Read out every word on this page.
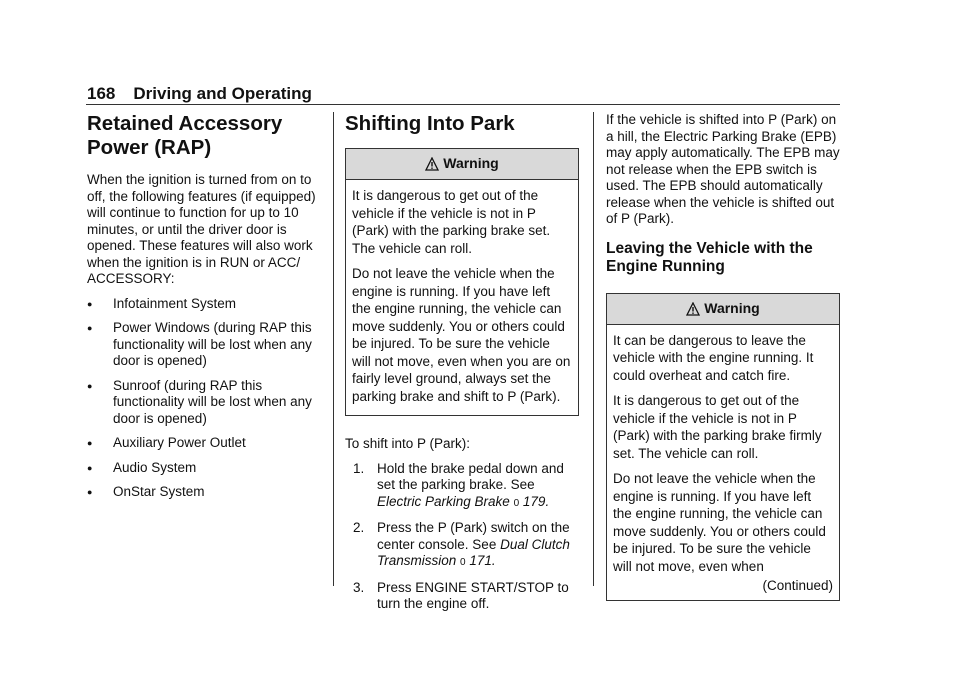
168 Driving and Operating
Retained Accessory Power (RAP)

When the ignition is turned from on to off, the following features (if equipped) will continue to function for up to 10 minutes, or until the driver door is opened. These features will also work when the ignition is in RUN or ACC/ ACCESSORY:

● Infotainment System
● Power Windows (during RAP this functionality will be lost when any door is opened)
● Sunroof (during RAP this functionality will be lost when any door is opened)
● Auxiliary Power Outlet
● Audio System
● OnStar System
Shifting Into Park
Warning

It is dangerous to get out of the vehicle if the vehicle is not in P (Park) with the parking brake set. The vehicle can roll.

Do not leave the vehicle when the engine is running. If you have left the engine running, the vehicle can move suddenly. You or others could be injured. To be sure the vehicle will not move, even when you are on fairly level ground, always set the parking brake and shift to P (Park).

To shift into P (Park):

1. Hold the brake pedal down and set the parking brake. See Electric Parking Brake 0 179.
2. Press the P (Park) switch on the center console. See Dual Clutch Transmission 0 171.
3. Press ENGINE START/STOP to turn the engine off.

If the vehicle is shifted into P (Park) on a hill, the Electric Parking Brake (EPB) may apply automatically. The EPB may not release when the EPB switch is used. The EPB should automatically release when the vehicle is shifted out of P (Park).

Leaving the Vehicle with the Engine Running
Warning

It can be dangerous to leave the vehicle with the engine running. It could overheat and catch fire.

It is dangerous to get out of the vehicle if the vehicle is not in P (Park) with the parking brake firmly set. The vehicle can roll.

Do not leave the vehicle when the engine is running. If you have left the engine running, the vehicle can move suddenly. You or others could be injured. To be sure the vehicle will not move, even when

(Continued)
